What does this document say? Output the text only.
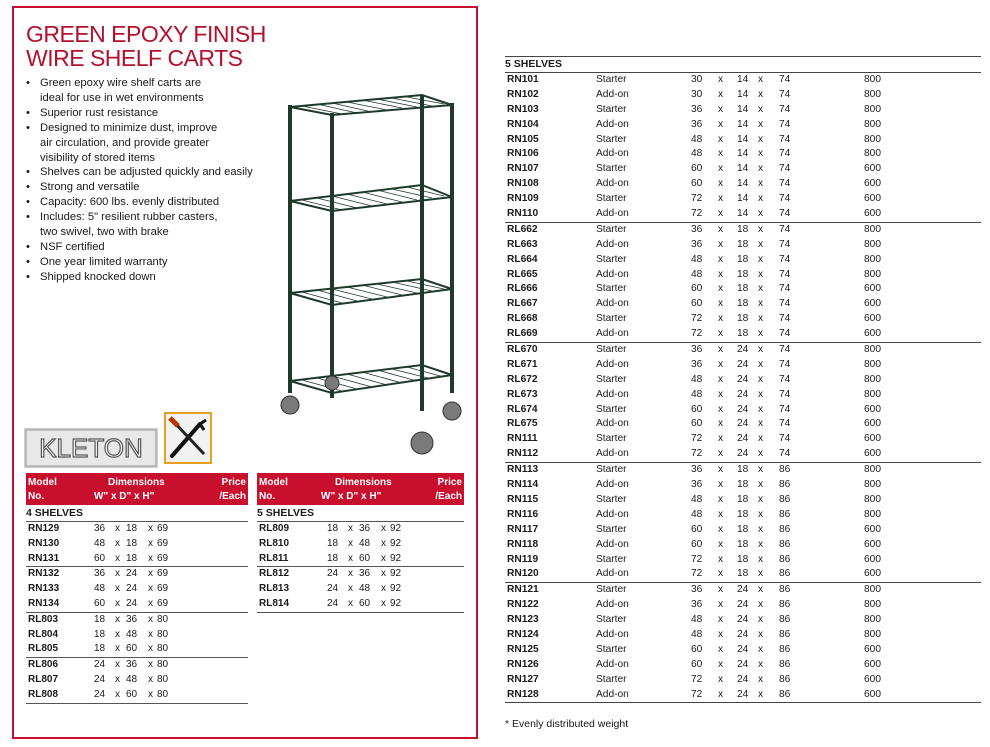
GREEN EPOXY FINISH
WIRE SHELF CARTS
• Green epoxy wire shelf carts are
ideal for use in wet environments
• Superior rust resistance
• Designed to minimize dust, improve
air circulation, and provide greater
visibility of stored items
• Shelves can be adjusted quickly and easily
• Strong and versatile
• Capacity: 600 lbs. evenly distributed
• Includes: 5" resilient rubber casters,
two swivel, two with brake
• NSF certified
• One year limited warranty
• Shipped knocked down
KLETON
Model
No.
Dimensions
W" x D" x H"
Price
/Each
4 SHELVES
RN129	36 x 18 x 69
RN130	48 x 18 x 69
RN131	60 x 18 x 69
RN132	36 x 24 x 69
RN133	48 x 24 x 69
RN134	60 x 24 x 69
RL803	18 x 36 x 80
RL804	18 x 48 x 80
RL805	18 x 60 x 80
RL806	24 x 36 x 80
RL807	24 x 48 x 80
RL808	24 x 60 x 80
Model
No.
Dimensions
W" x D" x H"
Price
/Each
5 SHELVES
RL809	18 x 36 x 92
RL810	18 x 48 x 92
RL811	18 x 60 x 92
RL812	24 x 36 x 92
RL813	24 x 48 x 92
RL814	24 x 60 x 92
5 SHELVES
RN101	Starter	30 x 14 x 74	800
RN102	Add-on	30 x 14 x 74	800
RN103	Starter	36 x 14 x 74	800
RN104	Add-on	36 x 14 x 74	800
RN105	Starter	48 x 14 x 74	800
RN106	Add-on	48 x 14 x 74	800
RN107	Starter	60 x 14 x 74	600
RN108	Add-on	60 x 14 x 74	600
RN109	Starter	72 x 14 x 74	600
RN110	Add-on	72 x 14 x 74	600
RL662	Starter	36 x 18 x 74	800
RL663	Add-on	36 x 18 x 74	800
RL664	Starter	48 x 18 x 74	800
RL665	Add-on	48 x 18 x 74	800
RL666	Starter	60 x 18 x 74	600
RL667	Add-on	60 x 18 x 74	600
RL668	Starter	72 x 18 x 74	600
RL669	Add-on	72 x 18 x 74	600
RL670	Starter	36 x 24 x 74	800
RL671	Add-on	36 x 24 x 74	800
RL672	Starter	48 x 24 x 74	800
RL673	Add-on	48 x 24 x 74	800
RL674	Starter	60 x 24 x 74	600
RL675	Add-on	60 x 24 x 74	600
RN111	Starter	72 x 24 x 74	600
RN112	Add-on	72 x 24 x 74	600
RN113	Starter	36 x 18 x 86	800
RN114	Add-on	36 x 18 x 86	800
RN115	Starter	48 x 18 x 86	800
RN116	Add-on	48 x 18 x 86	800
RN117	Starter	60 x 18 x 86	600
RN118	Add-on	60 x 18 x 86	600
RN119	Starter	72 x 18 x 86	600
RN120	Add-on	72 x 18 x 86	600
RN121	Starter	36 x 24 x 86	800
RN122	Add-on	36 x 24 x 86	800
RN123	Starter	48 x 24 x 86	800
RN124	Add-on	48 x 24 x 86	800
RN125	Starter	60 x 24 x 86	600
RN126	Add-on	60 x 24 x 86	600
RN127	Starter	72 x 24 x 86	600
RN128	Add-on	72 x 24 x 86	600
* Evenly distributed weight
